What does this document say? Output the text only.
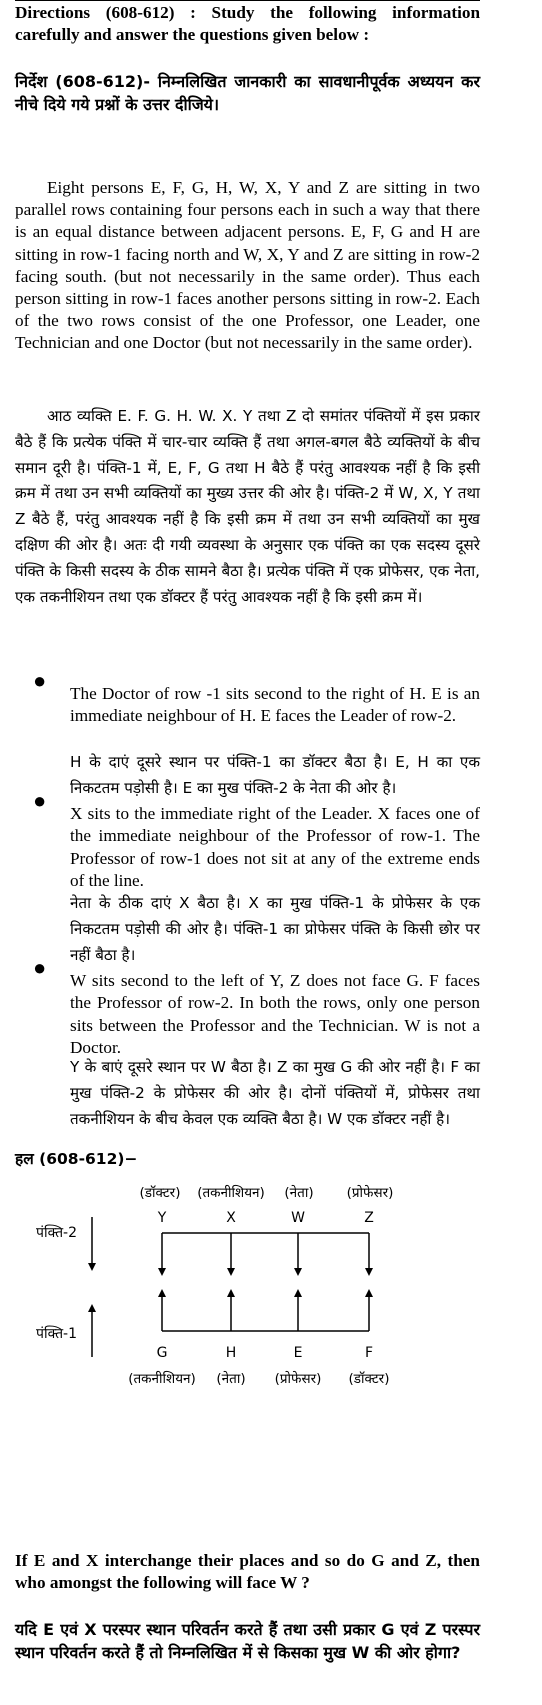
Directions (608-612) : Study the following information carefully and answer the questions given below :

निर्देश (608-612)- निम्नलिखित जानकारी का सावधानीपूर्वक अध्ययन कर नीचे दिये गये प्रश्नों के उत्तर दीजिये।

Eight persons E, F, G, H, W, X, Y and Z are sitting in two parallel rows containing four persons each in such a way that there is an equal distance between adjacent persons. E, F, G and H are sitting in row-1 facing north and W, X, Y and Z are sitting in row-2 facing south. (but not necessarily in the same order). Thus each person sitting in row-1 faces another persons sitting in row-2. Each of the two rows consist of the one Professor, one Leader, one Technician and one Doctor (but not necessarily in the same order).

आठ व्यक्ति E. F. G. H. W. X. Y तथा Z दो समांतर पंक्तियों में इस प्रकार बैठे हैं कि प्रत्येक पंक्ति में चार-चार व्यक्ति हैं तथा अगल-बगल बैठे व्यक्तियों के बीच समान दूरी है। पंक्ति-1 में, E, F, G तथा H बैठे हैं परंतु आवश्यक नहीं है कि इसी क्रम में तथा उन सभी व्यक्तियों का मुख्य उत्तर की ओर है। पंक्ति-2 में W, X, Y तथा Z बैठे हैं, परंतु आवश्यक नहीं है कि इसी क्रम में तथा उन सभी व्यक्तियों का मुख दक्षिण की ओर है। अतः दी गयी व्यवस्था के अनुसार एक पंक्ति का एक सदस्य दूसरे पंक्ति के किसी सदस्य के ठीक सामने बैठा है। प्रत्येक पंक्ति में एक प्रोफेसर, एक नेता, एक तकनीशियन तथा एक डॉक्टर हैं परंतु आवश्यक नहीं है कि इसी क्रम में।

●

The Doctor of row -1 sits second to the right of H. E is an immediate neighbour of H. E faces the Leader of row-2.

H के दाएं दूसरे स्थान पर पंक्ति-1 का डॉक्टर बैठा है। E, H का एक निकटतम पड़ोसी है। E का मुख पंक्ति-2 के नेता की ओर है।

●

X sits to the immediate right of the Leader. X faces one of the immediate neighbour of the Professor of row-1. The Professor of row-1 does not sit at any of the extreme ends of the line.

नेता के ठीक दाएं X बैठा है। X का मुख पंक्ति-1 के प्रोफेसर के एक निकटतम पड़ोसी की ओर है। पंक्ति-1 का प्रोफेसर पंक्ति के किसी छोर पर नहीं बैठा है।

●

W sits second to the left of Y, Z does not face G. F faces the Professor of row-2. In both the rows, only one person sits between the Professor and the Technician. W is not a Doctor.

Y के बाएं दूसरे स्थान पर W बैठा है। Z का मुख G की ओर नहीं है। F का मुख पंक्ति-2 के प्रोफेसर की ओर है। दोनों पंक्तियों में, प्रोफेसर तथा तकनीशियन के बीच केवल एक व्यक्ति बैठा है। W एक डॉक्टर नहीं है।

हल (608-612)−

(डॉक्टर) (तकनीशियन) (नेता) (प्रोफेसर)
Y	X	W	Z
पंक्ति-2
पंक्ति-1
G	H	E	F
(तकनीशियन) (नेता) (प्रोफेसर) (डॉक्टर)

If E and X interchange their places and so do G and Z, then who amongst the following will face W ?

यदि E एवं X परस्पर स्थान परिवर्तन करते हैं तथा उसी प्रकार G एवं Z परस्पर स्थान परिवर्तन करते हैं तो निम्नलिखित में से किसका मुख W की ओर होगा?
